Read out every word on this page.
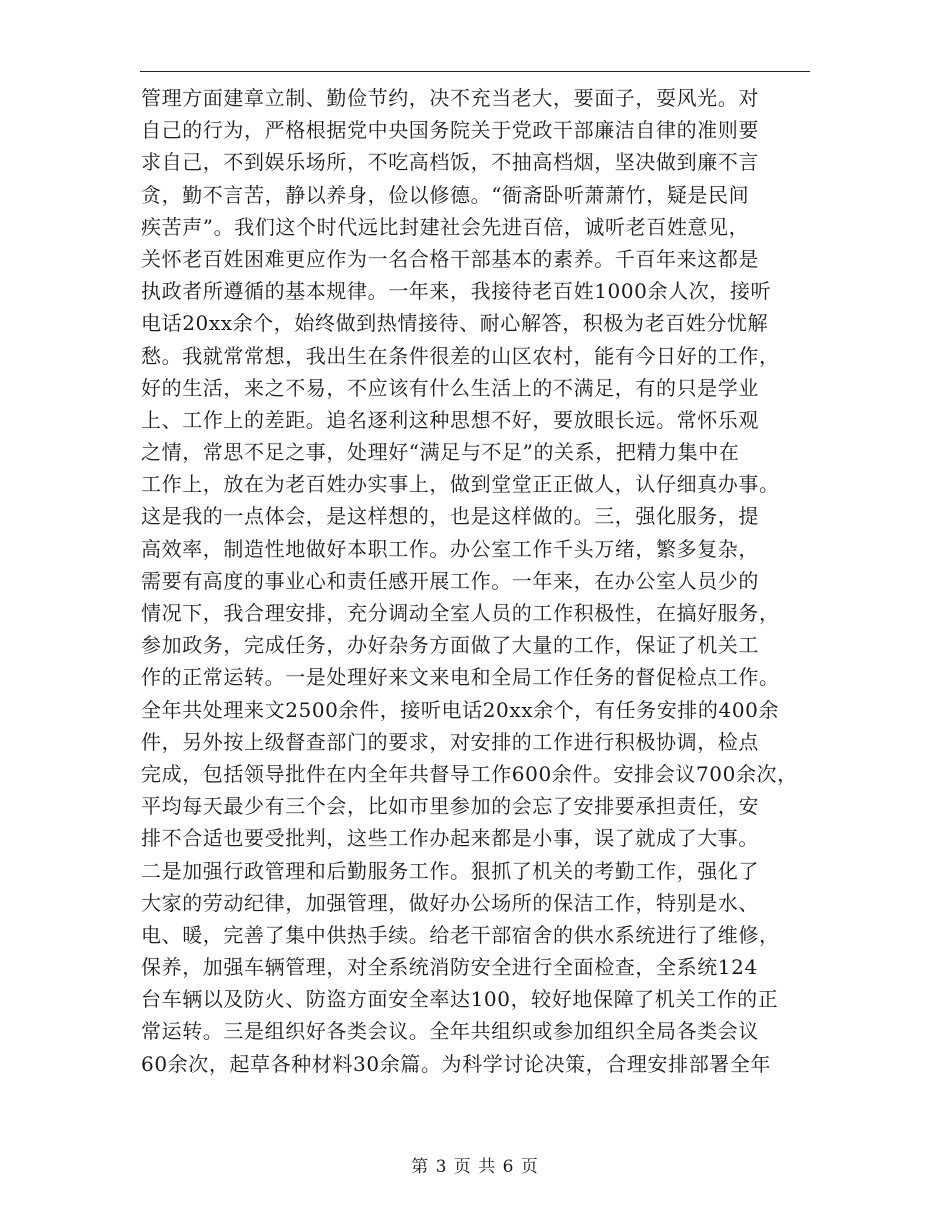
管理方面建章立制、勤俭节约，决不充当老大，要面子，耍风光。对
自己的行为，严格根据党中央国务院关于党政干部廉洁自律的准则要
求自己，不到娱乐场所，不吃高档饭，不抽高档烟，坚决做到廉不言
贪，勤不言苦，静以养身，俭以修德。“衙斋卧听萧萧竹，疑是民间
疾苦声”。我们这个时代远比封建社会先进百倍，诚听老百姓意见，
关怀老百姓困难更应作为一名合格干部基本的素养。千百年来这都是
执政者所遵循的基本规律。一年来，我接待老百姓1000余人次，接听
电话20xx余个，始终做到热情接待、耐心解答，积极为老百姓分忧解
愁。我就常常想，我出生在条件很差的山区农村，能有今日好的工作，
好的生活，来之不易，不应该有什么生活上的不满足，有的只是学业
上、工作上的差距。追名逐利这种思想不好，要放眼长远。常怀乐观
之情，常思不足之事，处理好“满足与不足”的关系，把精力集中在
工作上，放在为老百姓办实事上，做到堂堂正正做人，认仔细真办事。
这是我的一点体会，是这样想的，也是这样做的。三，强化服务，提
高效率，制造性地做好本职工作。办公室工作千头万绪，繁多复杂，
需要有高度的事业心和责任感开展工作。一年来，在办公室人员少的
情况下，我合理安排，充分调动全室人员的工作积极性，在搞好服务，
参加政务，完成任务，办好杂务方面做了大量的工作，保证了机关工
作的正常运转。一是处理好来文来电和全局工作任务的督促检点工作。
全年共处理来文2500余件，接听电话20xx余个，有任务安排的400余
件，另外按上级督查部门的要求，对安排的工作进行积极协调，检点
完成，包括领导批件在内全年共督导工作600余件。安排会议700余次，
平均每天最少有三个会，比如市里参加的会忘了安排要承担责任，安
排不合适也要受批判，这些工作办起来都是小事，误了就成了大事。
二是加强行政管理和后勤服务工作。狠抓了机关的考勤工作，强化了
大家的劳动纪律，加强管理，做好办公场所的保洁工作，特别是水、
电、暖，完善了集中供热手续。给老干部宿舍的供水系统进行了维修，
保养，加强车辆管理，对全系统消防安全进行全面检查，全系统124
台车辆以及防火、防盗方面安全率达100，较好地保障了机关工作的正
常运转。三是组织好各类会议。全年共组织或参加组织全局各类会议
60余次，起草各种材料30余篇。为科学讨论决策，合理安排部署全年
第 3 页 共 6 页
